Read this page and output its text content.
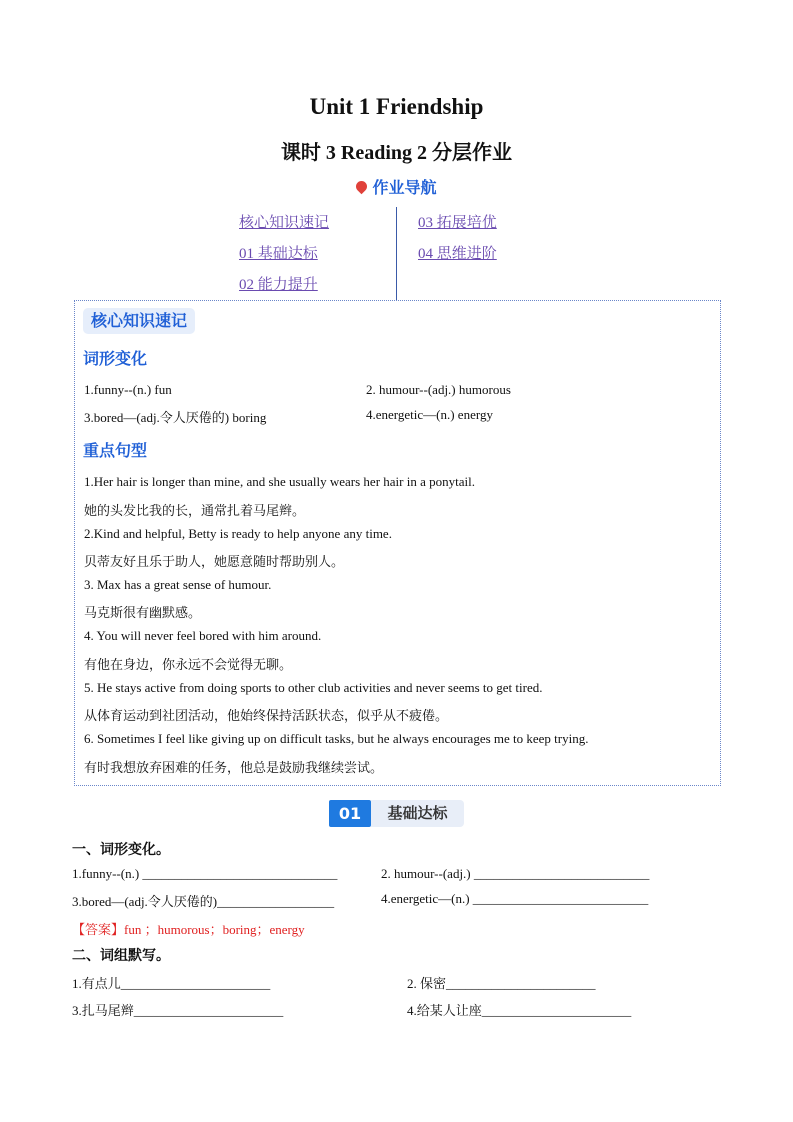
Unit 1 Friendship
课时 3 Reading 2 分层作业
作业导航
核心知识速记
01 基础达标
02 能力提升
03 拓展培优
04 思维进阶
核心知识速记
词形变化
1.funny--(n.) fun	2. humour--(adj.) humorous
3.bored—(adj.令人厌倦的) boring	4.energetic—(n.) energy
重点句型
1.Her hair is longer than mine, and she usually wears her hair in a ponytail.
她的头发比我的长，通常扎着马尾辫。
2.Kind and helpful, Betty is ready to help anyone any time.
贝蒂友好且乐于助人，她愿意随时帮助别人。
3. Max has a great sense of humour.
马克斯很有幽默感。
4. You will never feel bored with him around.
有他在身边，你永远不会觉得无聊。
5. He stays active from doing sports to other club activities and never seems to get tired.
从体育运动到社团活动，他始终保持活跃状态，似乎从不疲倦。
6. Sometimes I feel like giving up on difficult tasks, but he always encourages me to keep trying.
有时我想放弃困难的任务，他总是鼓励我继续尝试。
01	基础达标
一、词形变化。
1.funny--(n.) ______________________________	2. humour--(adj.) ___________________________
3.bored—(adj.令人厌倦的)__________________	4.energetic—(n.) ___________________________
【答案】fun ；humorous；boring；energy
二、词组默写。
1.有点儿_______________________	2. 保密_______________________
3.扎马尾辫_______________________	4.给某人让座_______________________
